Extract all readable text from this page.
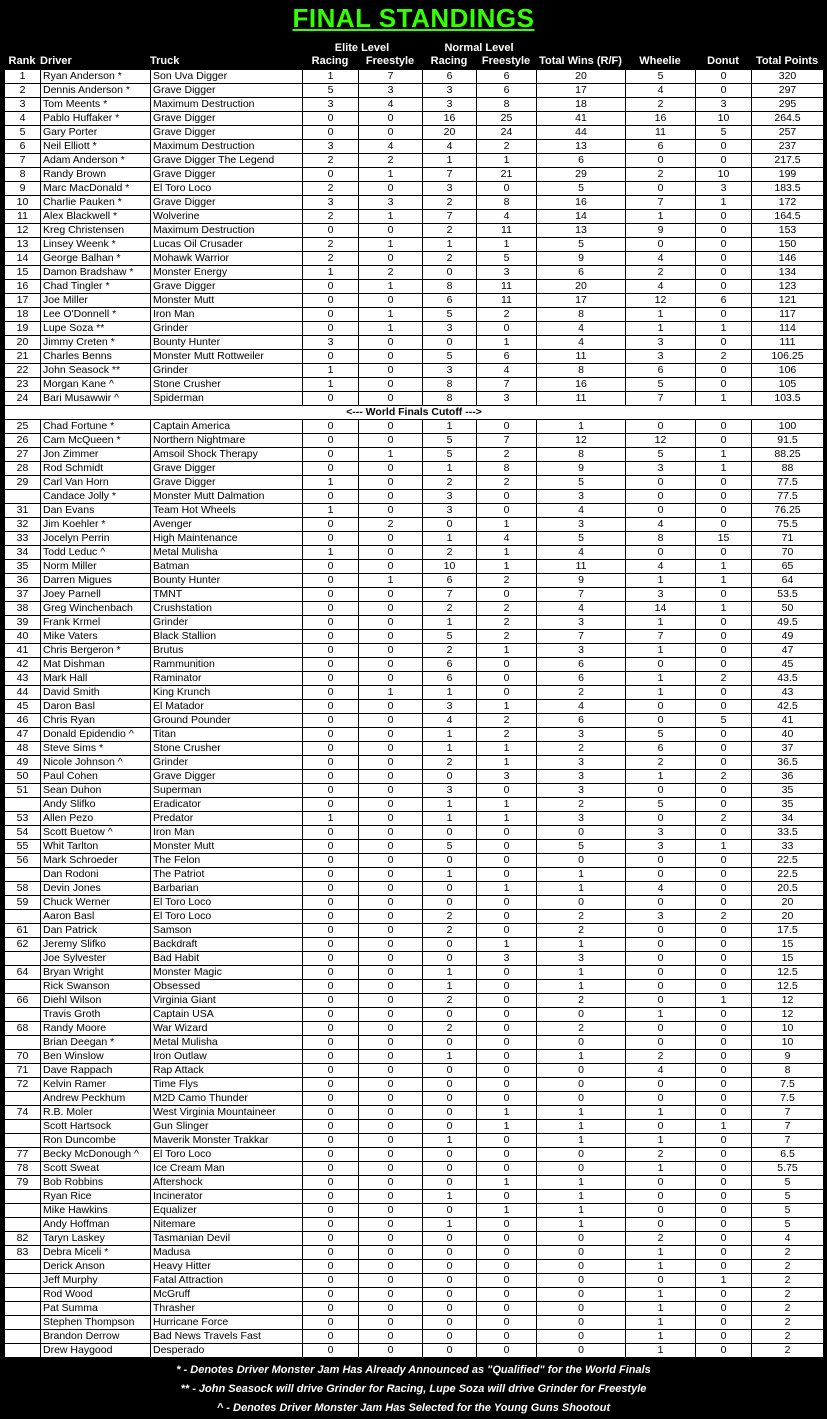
FINAL STANDINGS
			Elite Level		Normal Level					
Rank	Driver	Truck	Racing	Freestyle	Racing	Freestyle	Total Wins (R/F)	Wheelie	Donut	Total Points
1	Ryan Anderson *	Son Uva Digger	1	7	6	6	20	5	0	320
2	Dennis Anderson *	Grave Digger	5	3	3	6	17	4	0	297
3	Tom Meents *	Maximum Destruction	3	4	3	8	18	2	3	295
4	Pablo Huffaker *	Grave Digger	0	0	16	25	41	16	10	264.5
5	Gary Porter	Grave Digger	0	0	20	24	44	11	5	257
6	Neil Elliott *	Maximum Destruction	3	4	4	2	13	6	0	237
7	Adam Anderson *	Grave Digger The Legend	2	2	1	1	6	0	0	217.5
8	Randy Brown	Grave Digger	0	1	7	21	29	2	10	199
9	Marc MacDonald *	El Toro Loco	2	0	3	0	5	0	3	183.5
10	Charlie Pauken *	Grave Digger	3	3	2	8	16	7	1	172
11	Alex Blackwell *	Wolverine	2	1	7	4	14	1	0	164.5
12	Kreg Christensen	Maximum Destruction	0	0	2	11	13	9	0	153
13	Linsey Weenk *	Lucas Oil Crusader	2	1	1	1	5	0	0	150
14	George Balhan *	Mohawk Warrior	2	0	2	5	9	4	0	146
15	Damon Bradshaw *	Monster Energy	1	2	0	3	6	2	0	134
16	Chad Tingler *	Grave Digger	0	1	8	11	20	4	0	123
17	Joe Miller	Monster Mutt	0	0	6	11	17	12	6	121
18	Lee O'Donnell *	Iron Man	0	1	5	2	8	1	0	117
19	Lupe Soza **	Grinder	0	1	3	0	4	1	1	114
20	Jimmy Creten *	Bounty Hunter	3	0	0	1	4	3	0	111
21	Charles Benns	Monster Mutt Rottweiler	0	0	5	6	11	3	2	106.25
22	John Seasock **	Grinder	1	0	3	4	8	6	0	106
23	Morgan Kane ^	Stone Crusher	1	0	8	7	16	5	0	105
24	Bari Musawwir ^	Spiderman	0	0	8	3	11	7	1	103.5
<--- World Finals Cutoff --->										
25	Chad Fortune *	Captain America	0	0	1	0	1	0	0	100
26	Cam McQueen *	Northern Nightmare	0	0	5	7	12	12	0	91.5
27	Jon Zimmer	Amsoil Shock Therapy	0	1	5	2	8	5	1	88.25
28	Rod Schmidt	Grave Digger	0	0	1	8	9	3	1	88
29	Carl Van Horn	Grave Digger	1	0	2	2	5	0	0	77.5
	Candace Jolly *	Monster Mutt Dalmation	0	0	3	0	3	0	0	77.5
31	Dan Evans	Team Hot Wheels	1	0	3	0	4	0	0	76.25
32	Jim Koehler *	Avenger	0	2	0	1	3	4	0	75.5
33	Jocelyn Perrin	High Maintenance	0	0	1	4	5	8	15	71
34	Todd Leduc ^	Metal Mulisha	1	0	2	1	4	0	0	70
35	Norm Miller	Batman	0	0	10	1	11	4	1	65
36	Darren Migues	Bounty Hunter	0	1	6	2	9	1	1	64
37	Joey Parnell	TMNT	0	0	7	0	7	3	0	53.5
38	Greg Winchenbach	Crushstation	0	0	2	2	4	14	1	50
39	Frank Krmel	Grinder	0	0	1	2	3	1	0	49.5
40	Mike Vaters	Black Stallion	0	0	5	2	7	7	0	49
41	Chris Bergeron *	Brutus	0	0	2	1	3	1	0	47
42	Mat Dishman	Rammunition	0	0	6	0	6	0	0	45
43	Mark Hall	Raminator	0	0	6	0	6	1	2	43.5
44	David Smith	King Krunch	0	1	1	0	2	1	0	43
45	Daron Basl	El Matador	0	0	3	1	4	0	0	42.5
46	Chris Ryan	Ground Pounder	0	0	4	2	6	0	5	41
47	Donald Epidendio ^	Titan	0	0	1	2	3	5	0	40
48	Steve Sims *	Stone Crusher	0	0	1	1	2	6	0	37
49	Nicole Johnson ^	Grinder	0	0	2	1	3	2	0	36.5
50	Paul Cohen	Grave Digger	0	0	0	3	3	1	2	36
51	Sean Duhon	Superman	0	0	3	0	3	0	0	35
	Andy Slifko	Eradicator	0	0	1	1	2	5	0	35
53	Allen Pezo	Predator	1	0	1	1	3	0	2	34
54	Scott Buetow ^	Iron Man	0	0	0	0	0	3	0	33.5
55	Whit Tarlton	Monster Mutt	0	0	5	0	5	3	1	33
56	Mark Schroeder	The Felon	0	0	0	0	0	0	0	22.5
	Dan Rodoni	The Patriot	0	0	1	0	1	0	0	22.5
58	Devin Jones	Barbarian	0	0	0	1	1	4	0	20.5
59	Chuck Werner	El Toro Loco	0	0	0	0	0	0	0	20
	Aaron Basl	El Toro Loco	0	0	2	0	2	3	2	20
61	Dan Patrick	Samson	0	0	2	0	2	0	0	17.5
62	Jeremy Slifko	Backdraft	0	0	0	1	1	0	0	15
	Joe Sylvester	Bad Habit	0	0	0	3	3	0	0	15
64	Bryan Wright	Monster Magic	0	0	1	0	1	0	0	12.5
	Rick Swanson	Obsessed	0	0	1	0	1	0	0	12.5
66	Diehl Wilson	Virginia Giant	0	0	2	0	2	0	1	12
	Travis Groth	Captain USA	0	0	0	0	0	1	0	12
68	Randy Moore	War Wizard	0	0	2	0	2	0	0	10
	Brian Deegan *	Metal Mulisha	0	0	0	0	0	0	0	10
70	Ben Winslow	Iron Outlaw	0	0	1	0	1	2	0	9
71	Dave Rappach	Rap Attack	0	0	0	0	0	4	0	8
72	Kelvin Ramer	Time Flys	0	0	0	0	0	0	0	7.5
	Andrew Peckhum	M2D Camo Thunder	0	0	0	0	0	0	0	7.5
74	R.B. Moler	West Virginia Mountaineer	0	0	0	1	1	1	0	7
	Scott Hartsock	Gun Slinger	0	0	0	1	1	0	1	7
	Ron Duncombe	Maverik Monster Trakkar	0	0	1	0	1	1	0	7
77	Becky McDonough ^	El Toro Loco	0	0	0	0	0	2	0	6.5
78	Scott Sweat	Ice Cream Man	0	0	0	0	0	1	0	5.75
79	Bob Robbins	Aftershock	0	0	0	1	1	0	0	5
	Ryan Rice	Incinerator	0	0	1	0	1	0	0	5
	Mike Hawkins	Equalizer	0	0	0	1	1	0	0	5
	Andy Hoffman	Nitemare	0	0	1	0	1	0	0	5
82	Taryn Laskey	Tasmanian Devil	0	0	0	0	0	2	0	4
83	Debra Miceli *	Madusa	0	0	0	0	0	1	0	2
	Derick Anson	Heavy Hitter	0	0	0	0	0	1	0	2
	Jeff Murphy	Fatal Attraction	0	0	0	0	0	0	1	2
	Rod Wood	McGruff	0	0	0	0	0	1	0	2
	Pat Summa	Thrasher	0	0	0	0	0	1	0	2
	Stephen Thompson	Hurricane Force	0	0	0	0	0	1	0	2
	Brandon Derrow	Bad News Travels Fast	0	0	0	0	0	1	0	2
	Drew Haygood	Desperado	0	0	0	0	0	1	0	2
* - Denotes Driver Monster Jam Has Already Announced as "Qualified" for the World Finals
** - John Seasock will drive Grinder for Racing, Lupe Soza will drive Grinder for Freestyle
^ - Denotes Driver Monster Jam Has Selected for the Young Guns Shootout
